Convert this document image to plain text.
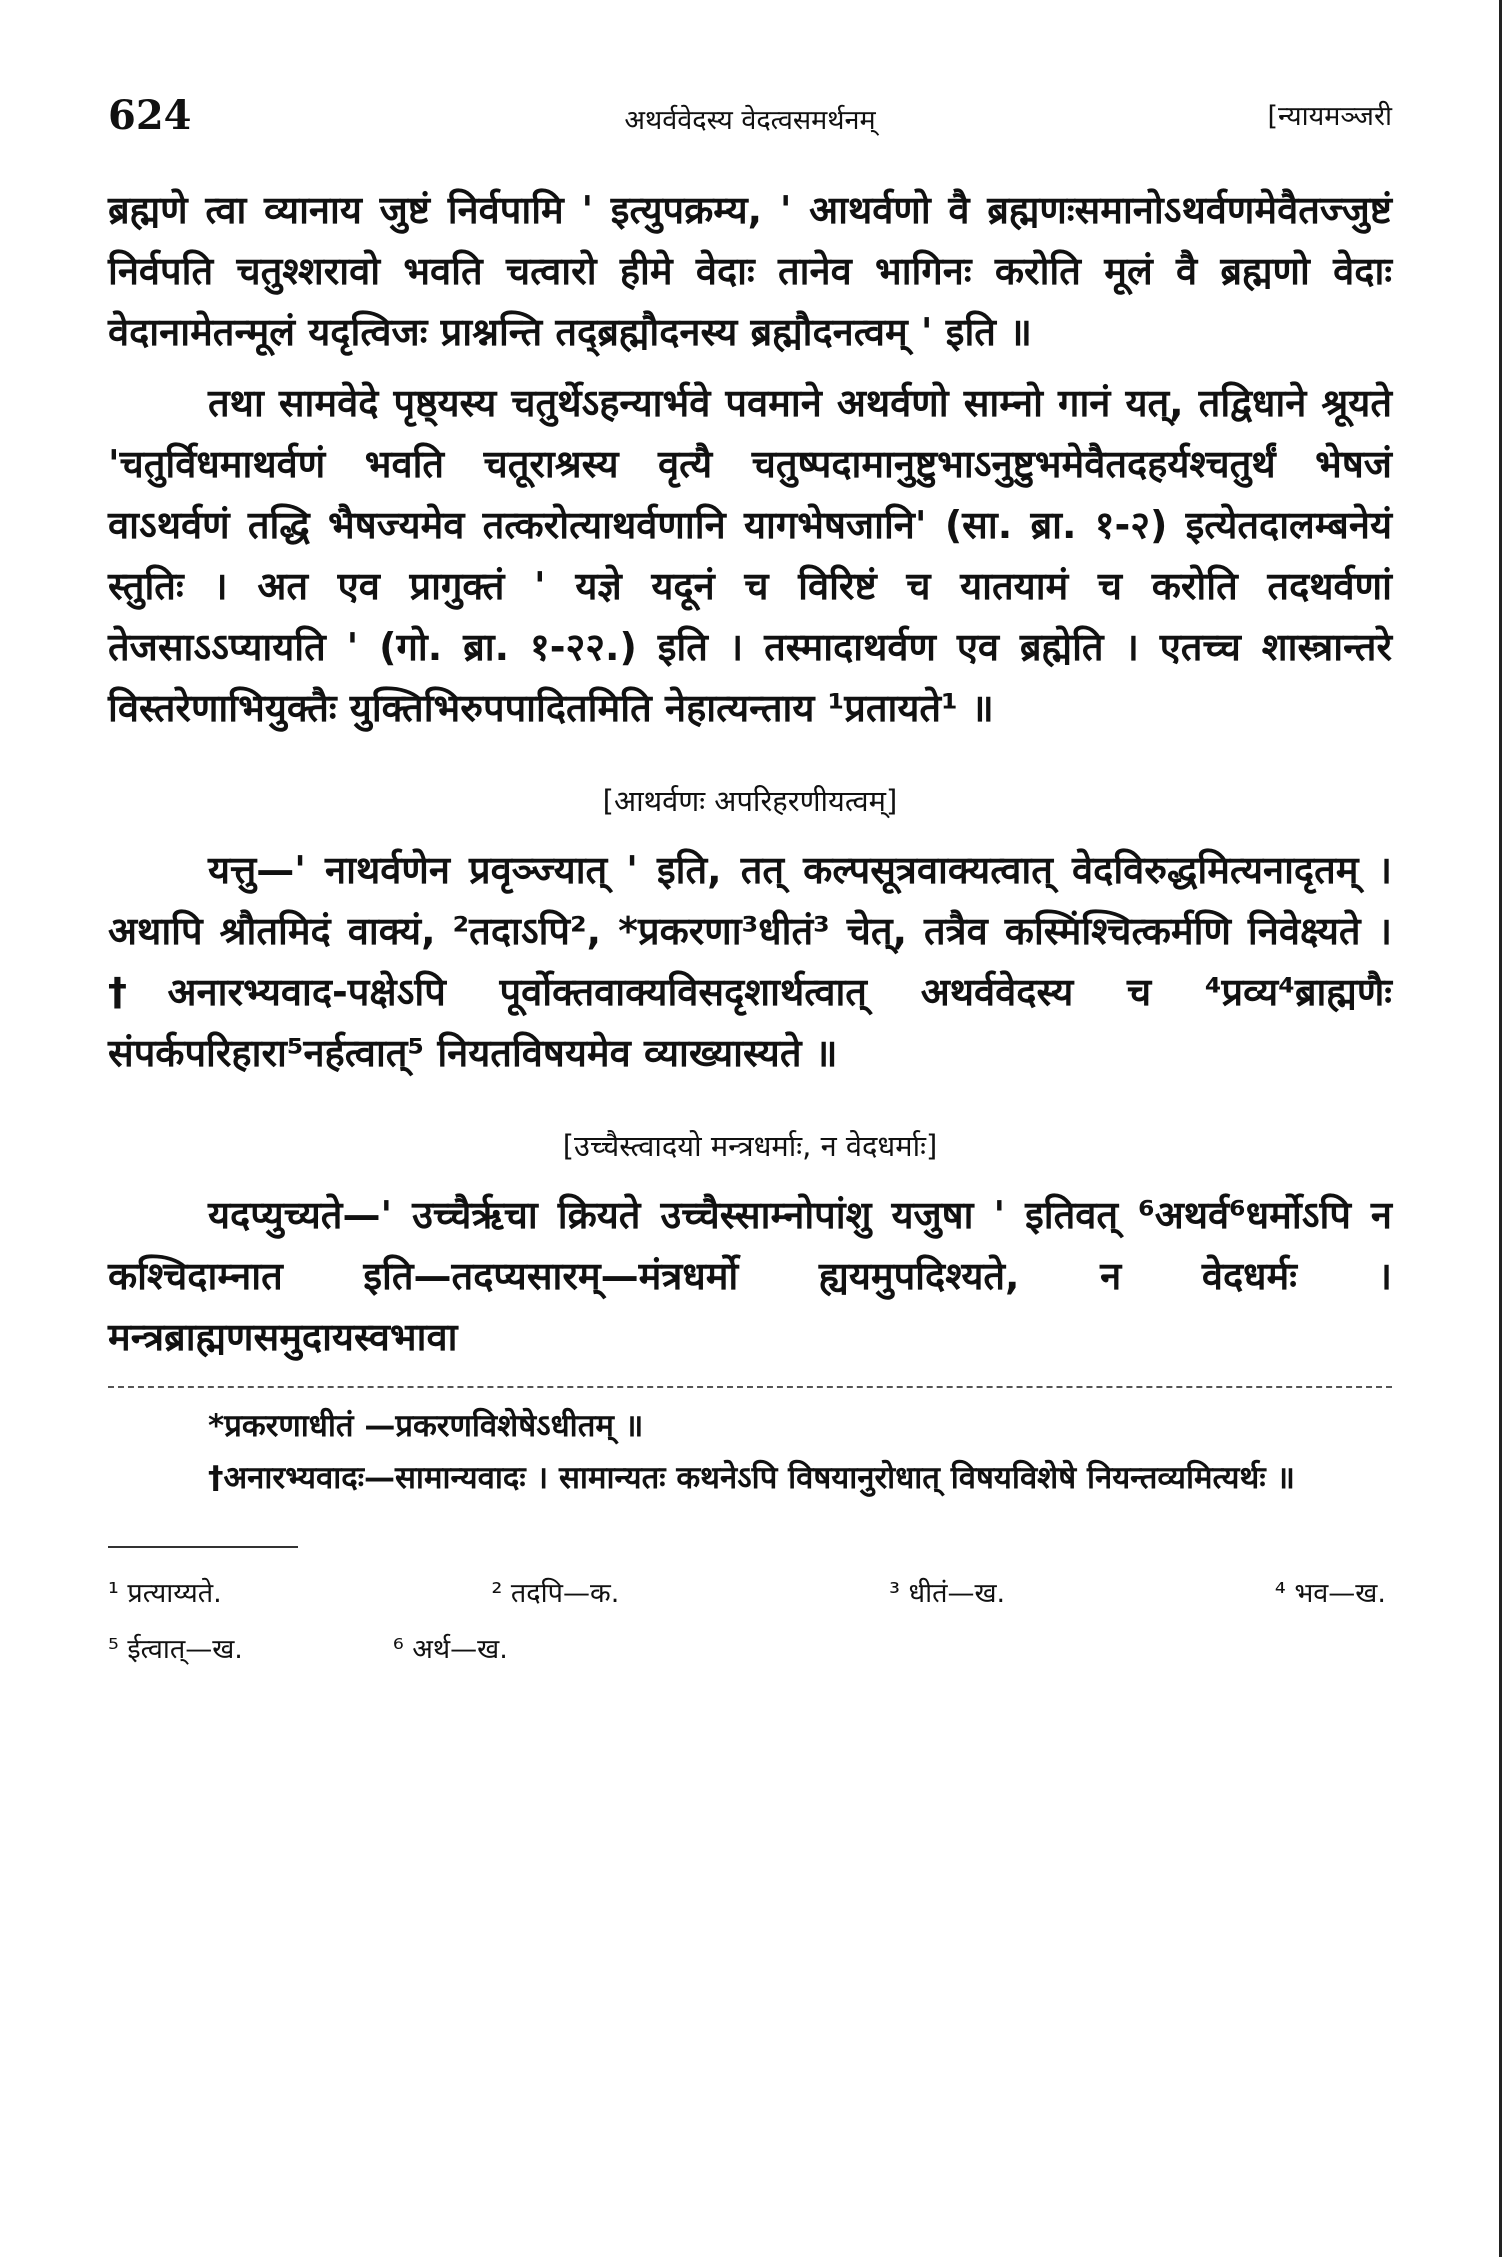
624	अथर्ववेदस्य वेदत्वसमर्थनम्	[न्यायमञ्जरी

ब्रह्मणे त्वा व्यानाय जुष्टं निर्वपामि ' इत्युपक्रम्य, ' आथर्वणो वै ब्रह्मणःसमानोऽथर्वणमेवैतज्जुष्टं निर्वपति चतुश्शरावो भवति चत्वारो हीमे वेदाः तानेव भागिनः करोति मूलं वै ब्रह्मणो वेदाः वेदानामेतन्मूलं यदृत्विजः प्राश्नन्ति तद्ब्रह्मौदनस्य ब्रह्मौदनत्वम् ' इति ॥

तथा सामवेदे पृष्ठ्यस्य चतुर्थेऽहन्यार्भवे पवमाने अथर्वणो साम्नो गानं यत्, तद्विधाने श्रूयते 'चतुर्विधमाथर्वणं भवति चतूराश्रस्य वृत्यै चतुष्पदामानुष्टुभाऽनुष्टुभमेवैतदहर्यश्चतुर्थं भेषजं वाऽथर्वणं तद्धि भैषज्यमेव तत्करोत्याथर्वणानि यागभेषजानि' (सा. ब्रा. १-२) इत्येतदालम्बनेयं स्तुतिः । अत एव प्रागुक्तं ' यज्ञे यदूनं च विरिष्टं च यातयामं च करोति तदथर्वणां तेजसाऽऽप्यायति ' (गो. ब्रा. १-२२.) इति । तस्मादाथर्वण एव ब्रह्मेति । एतच्च शास्त्रान्तरे विस्तरेणाभियुक्तैः युक्तिभिरुपपादितमिति नेहात्यन्ताय ¹प्रतायते¹ ॥

[आथर्वणः अपरिहरणीयत्वम्]

यत्तु—' नाथर्वणेन प्रवृञ्ज्यात् ' इति, तत् कल्पसूत्रवाक्यत्वात् वेदविरुद्धमित्यनादृतम् । अथापि श्रौतमिदं वाक्यं, ²तदाऽपि², *प्रकरणा³धीतं³ चेत्, तत्रैव कस्मिंश्चित्कर्मणि निवेक्ष्यते । †अनारभ्यवाद-पक्षेऽपि पूर्वोक्तवाक्यविसदृशार्थत्वात् अथर्ववेदस्य च ⁴प्रव्य⁴ब्राह्मणैः संपर्कपरिहारा⁵नर्हत्वात्⁵ नियतविषयमेव व्याख्यास्यते ॥

[उच्चैस्त्वादयो मन्त्रधर्माः, न वेदधर्माः]

यदप्युच्यते—' उच्चैर्ऋचा क्रियते उच्चैस्साम्नोपांशु यजुषा ' इतिवत् ⁶अथर्व⁶धर्मोऽपि न कश्चिदाम्नात इति—तदप्यसारम्—मंत्रधर्मो ह्ययमुपदिश्यते, न वेदधर्मः । मन्त्रब्राह्मणसमुदायस्वभावा

*प्रकरणाधीतं —प्रकरणविशेषेऽधीतम् ॥

†अनारभ्यवादः—सामान्यवादः । सामान्यतः कथनेऽपि विषयानुरोधात् विषयविशेषे नियन्तव्यमित्यर्थः ॥

¹ प्रत्याय्यते.	² तदपि—क.	³ धीतं—ख.	⁴ भव—ख.
⁵ ईत्वात्—ख.	⁶ अर्थ—ख.
